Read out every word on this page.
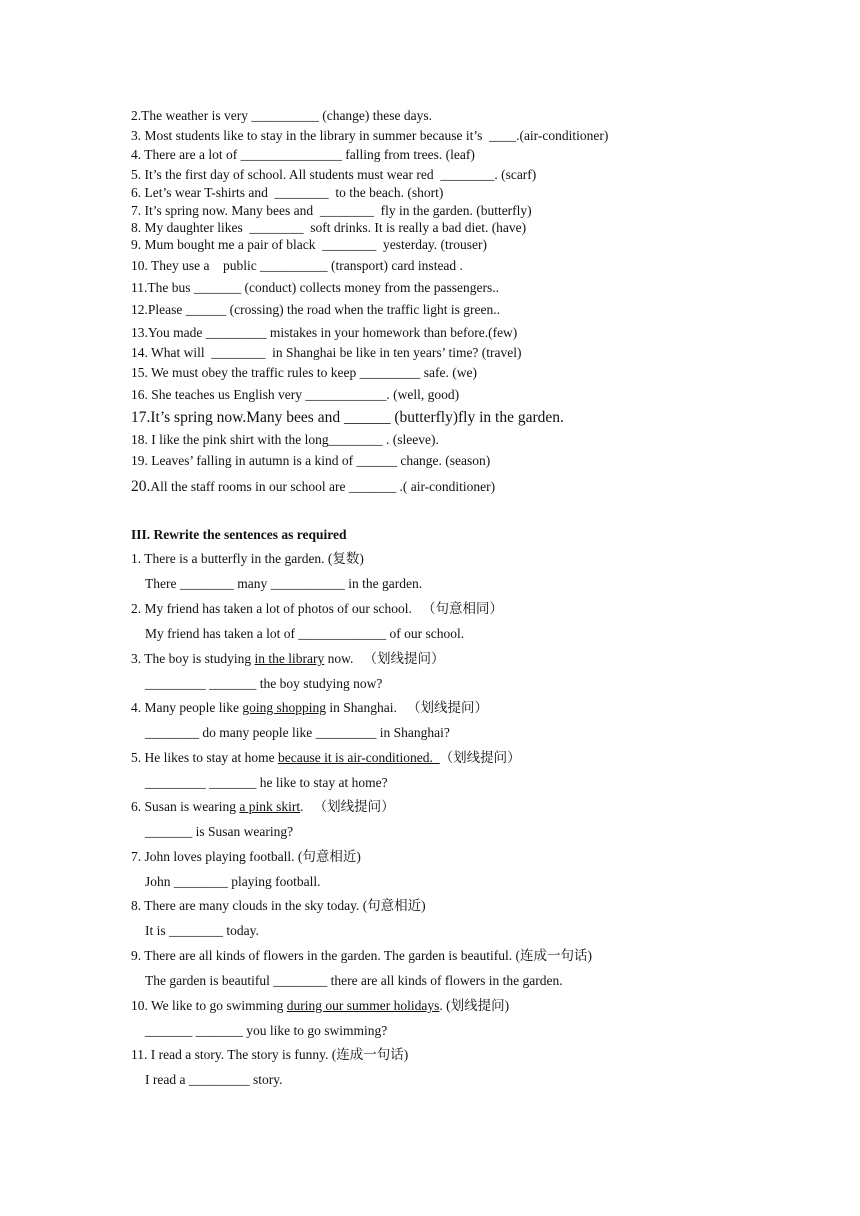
2.The weather is very __________ (change) these days.
3. Most students like to stay in the library in summer because it’s  ____.(air-conditioner)
4. There are a lot of _______________ falling from trees. (leaf)
5. It’s the first day of school. All students must wear red  ________. (scarf)
6. Let’s wear T-shirts and  ________  to the beach. (short)
7. It’s spring now. Many bees and  ________  fly in the garden. (butterfly)
8. My daughter likes  ________  soft drinks. It is really a bad diet. (have)
9. Mum bought me a pair of black  ________  yesterday. (trouser)
10. They use a    public __________ (transport) card instead .
11.The bus _______ (conduct) collects money from the passengers..
12.Please ______ (crossing) the road when the traffic light is green..
13.You made _________ mistakes in your homework than before.(few)
14. What will  ________  in Shanghai be like in ten years’ time? (travel)
15. We must obey the traffic rules to keep _________ safe. (we)
16. She teaches us English very ____________. (well, good)
17.It’s spring now.Many bees and ______ (butterfly)fly in the garden.
18. I like the pink shirt with the long________ . (sleeve).
19. Leaves’ falling in autumn is a kind of ______ change. (season)
20.All the staff rooms in our school are _______ .( air-conditioner)
III. Rewrite the sentences as required
1. There is a butterfly in the garden. (复数)
There ________ many ___________ in the garden.
2. My friend has taken a lot of photos of our school.   （句意相同）
My friend has taken a lot of _____________ of our school.
3. The boy is studying in the library now.   （划线提问）
_________ _______ the boy studying now?
4. Many people like going shopping in Shanghai.   （划线提问）
________ do many people like _________ in Shanghai?
5. He likes to stay at home because it is air-conditioned.  （划线提问）
_________ _______ he like to stay at home?
6. Susan is wearing a pink skirt.   （划线提问）
_______ is Susan wearing?
7. John loves playing football. (句意相近)
John ________ playing football.
8. There are many clouds in the sky today. (句意相近)
It is ________ today.
9. There are all kinds of flowers in the garden. The garden is beautiful. (连成一句话)
The garden is beautiful ________ there are all kinds of flowers in the garden.
10. We like to go swimming during our summer holidays. (划线提问)
_______ _______ you like to go swimming?
11. I read a story. The story is funny. (连成一句话)
I read a _________ story.
